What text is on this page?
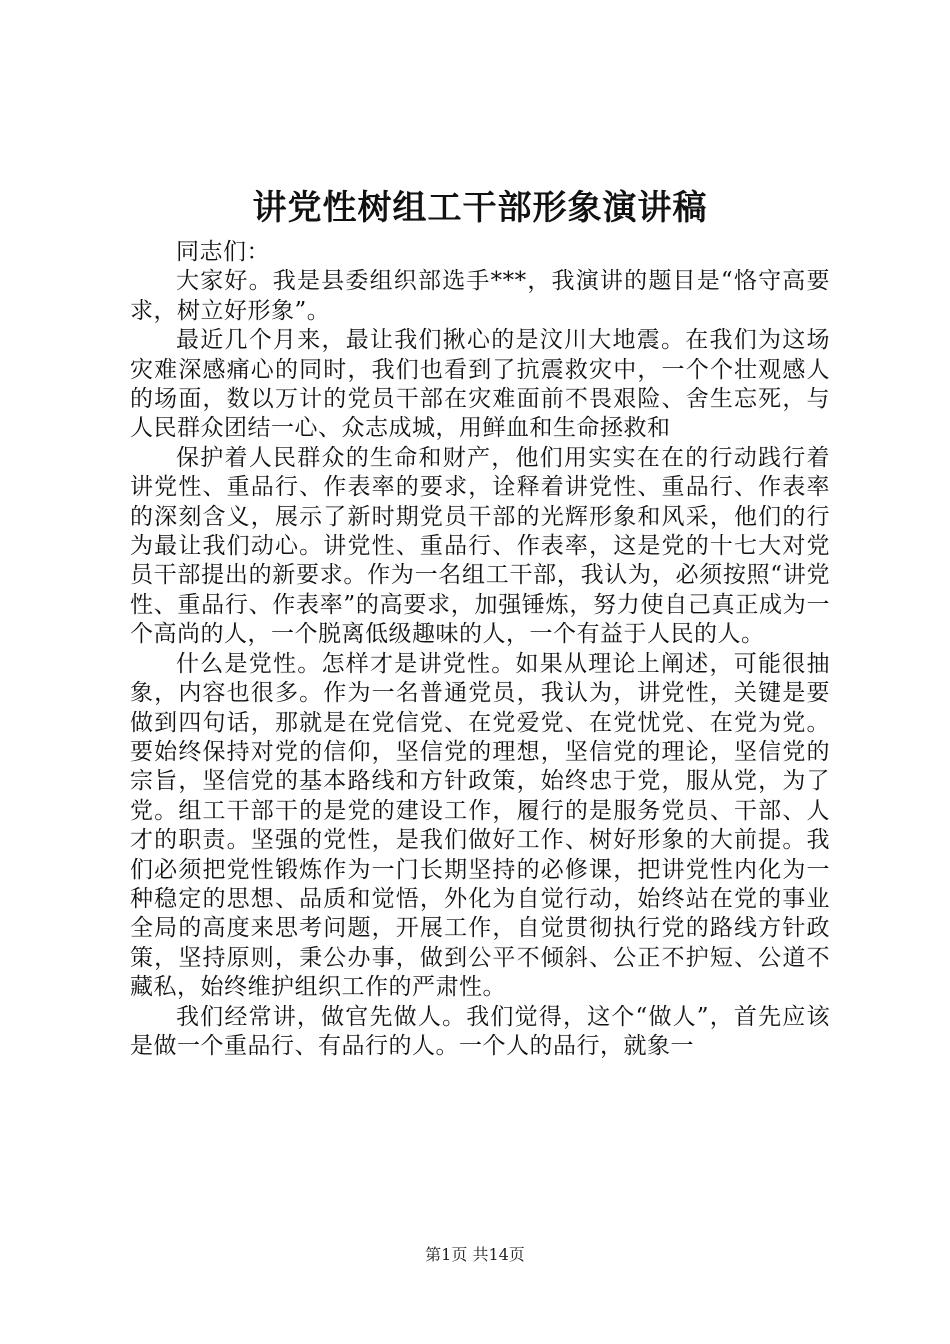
讲党性树组工干部形象演讲稿

同志们：

大家好。我是县委组织部选手***，我演讲的题目是“恪守高要求，树立好形象”。

最近几个月来，最让我们揪心的是汶川大地震。在我们为这场灾难深感痛心的同时，我们也看到了抗震救灾中，一个个壮观感人的场面，数以万计的党员干部在灾难面前不畏艰险、舍生忘死，与人民群众团结一心、众志成城，用鲜血和生命拯救和

保护着人民群众的生命和财产，他们用实实在在的行动践行着讲党性、重品行、作表率的要求，诠释着讲党性、重品行、作表率的深刻含义，展示了新时期党员干部的光辉形象和风采，他们的行为最让我们动心。讲党性、重品行、作表率，这是党的十七大对党员干部提出的新要求。作为一名组工干部，我认为，必须按照“讲党性、重品行、作表率”的高要求，加强锤炼，努力使自己真正成为一个高尚的人，一个脱离低级趣味的人，一个有益于人民的人。

什么是党性。怎样才是讲党性。如果从理论上阐述，可能很抽象，内容也很多。作为一名普通党员，我认为，讲党性，关键是要做到四句话，那就是在党信党、在党爱党、在党忧党、在党为党。要始终保持对党的信仰，坚信党的理想，坚信党的理论，坚信党的宗旨，坚信党的基本路线和方针政策，始终忠于党，服从党，为了党。组工干部干的是党的建设工作，履行的是服务党员、干部、人才的职责。坚强的党性，是我们做好工作、树好形象的大前提。我们必须把党性锻炼作为一门长期坚持的必修课，把讲党性内化为一种稳定的思想、品质和觉悟，外化为自觉行动，始终站在党的事业全局的高度来思考问题，开展工作，自觉贯彻执行党的路线方针政策，坚持原则，秉公办事，做到公平不倾斜、公正不护短、公道不藏私，始终维护组织工作的严肃性。

我们经常讲，做官先做人。我们觉得，这个“做人”，首先应该是做一个重品行、有品行的人。一个人的品行，就象一

第1页 共14页
